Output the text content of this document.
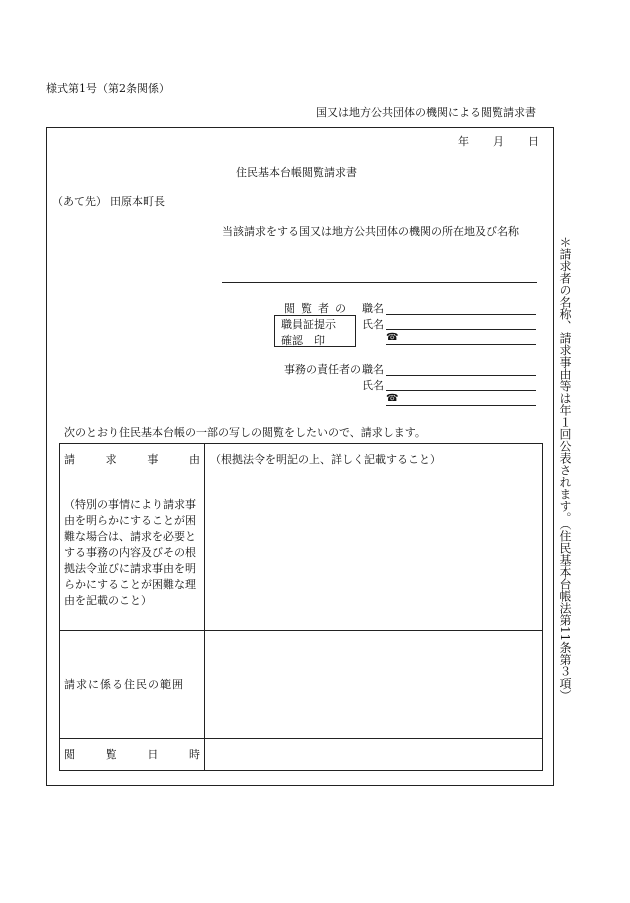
様式第1号（第2条関係）
国又は地方公共団体の機関による閲覧請求書
年 月 日
住民基本台帳閲覧請求書
（あて先） 田原本町長
当該請求をする国又は地方公共団体の機関の所在地及び名称
閲 覧 者 の
職員証提示
確認　印
職名
氏名
☎
事務の責任者の 職名
氏名
☎
次のとおり住民基本台帳の一部の写しの閲覧をしたいので、請求します。
請	求	事	由 （根拠法令を明記の上、詳しく記載すること）
（特別の事情により請求事由を明らかにすることが困難な場合は、請求を必要とする事務の内容及びその根拠法令並びに請求事由を明らかにすることが困難な理由を記載のこと）
請求に係る住民の範囲
閲	覧	日	時
＊請求者の名称、請求事由等は年１回公表されます。（住民基本台帳法第11条第３項）
